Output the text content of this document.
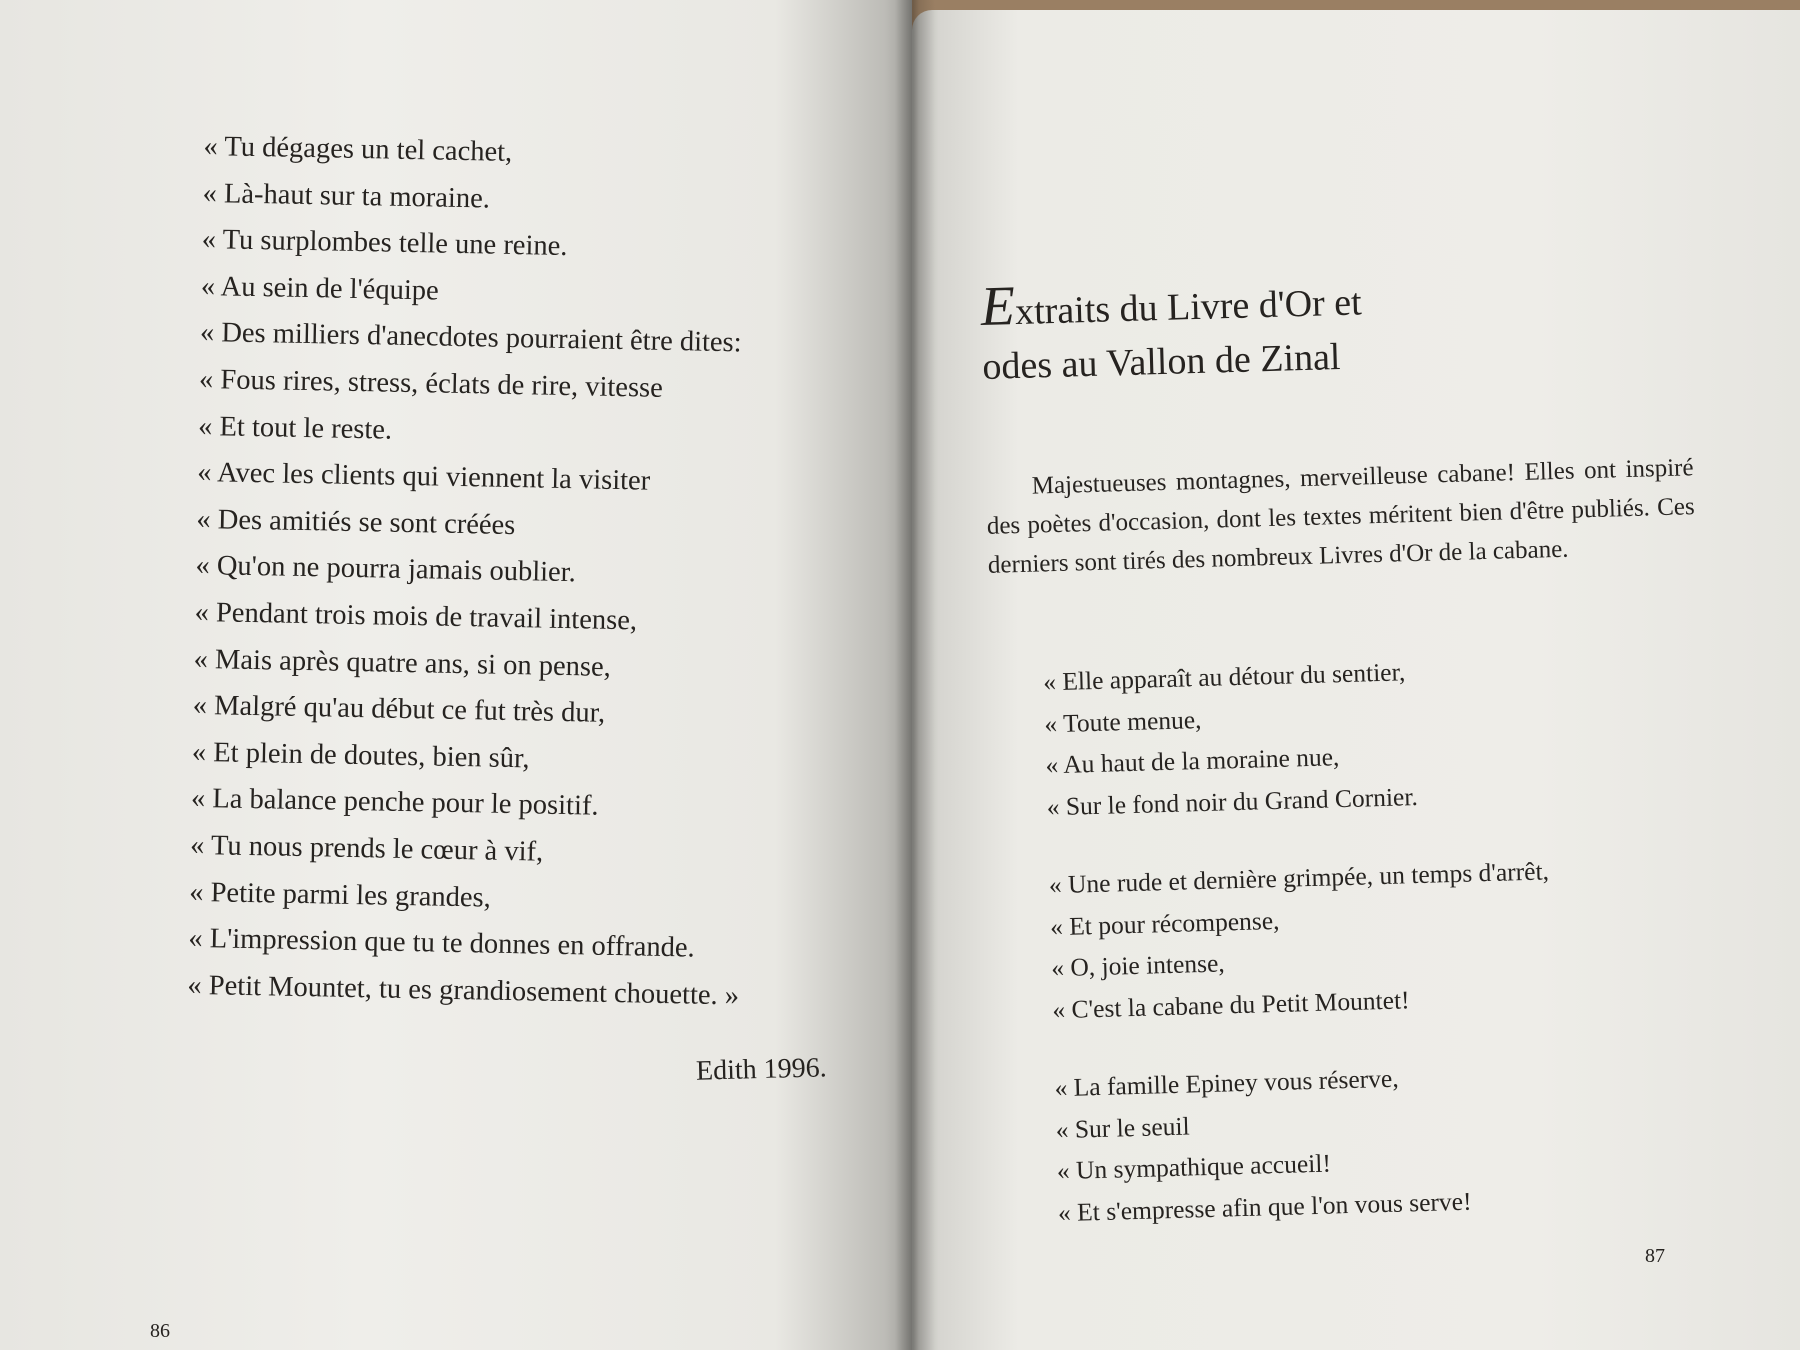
« Tu dégages un tel cachet,
« Là-haut sur ta moraine.
« Tu surplombes telle une reine.
« Au sein de l'équipe
« Des milliers d'anecdotes pourraient être dites:
« Fous rires, stress, éclats de rire, vitesse
« Et tout le reste.
« Avec les clients qui viennent la visiter
« Des amitiés se sont créées
« Qu'on ne pourra jamais oublier.
« Pendant trois mois de travail intense,
« Mais après quatre ans, si on pense,
« Malgré qu'au début ce fut très dur,
« Et plein de doutes, bien sûr,
« La balance penche pour le positif.
« Tu nous prends le cœur à vif,
« Petite parmi les grandes,
« L'impression que tu te donnes en offrande.
« Petit Mountet, tu es grandiosement chouette. »
Edith 1996.
86
Extraits du Livre d'Or et
odes au Vallon de Zinal

Majestueuses montagnes, merveilleuse cabane! Elles ont inspiré des poètes d'occasion, dont les textes méritent bien d'être publiés. Ces derniers sont tirés des nombreux Livres d'Or de la cabane.

« Elle apparaît au détour du sentier,
« Toute menue,
« Au haut de la moraine nue,
« Sur le fond noir du Grand Cornier.
« Une rude et dernière grimpée, un temps d'arrêt,
« Et pour récompense,
« O, joie intense,
« C'est la cabane du Petit Mountet!
« La famille Epiney vous réserve,
« Sur le seuil
« Un sympathique accueil!
« Et s'empresse afin que l'on vous serve!
87
